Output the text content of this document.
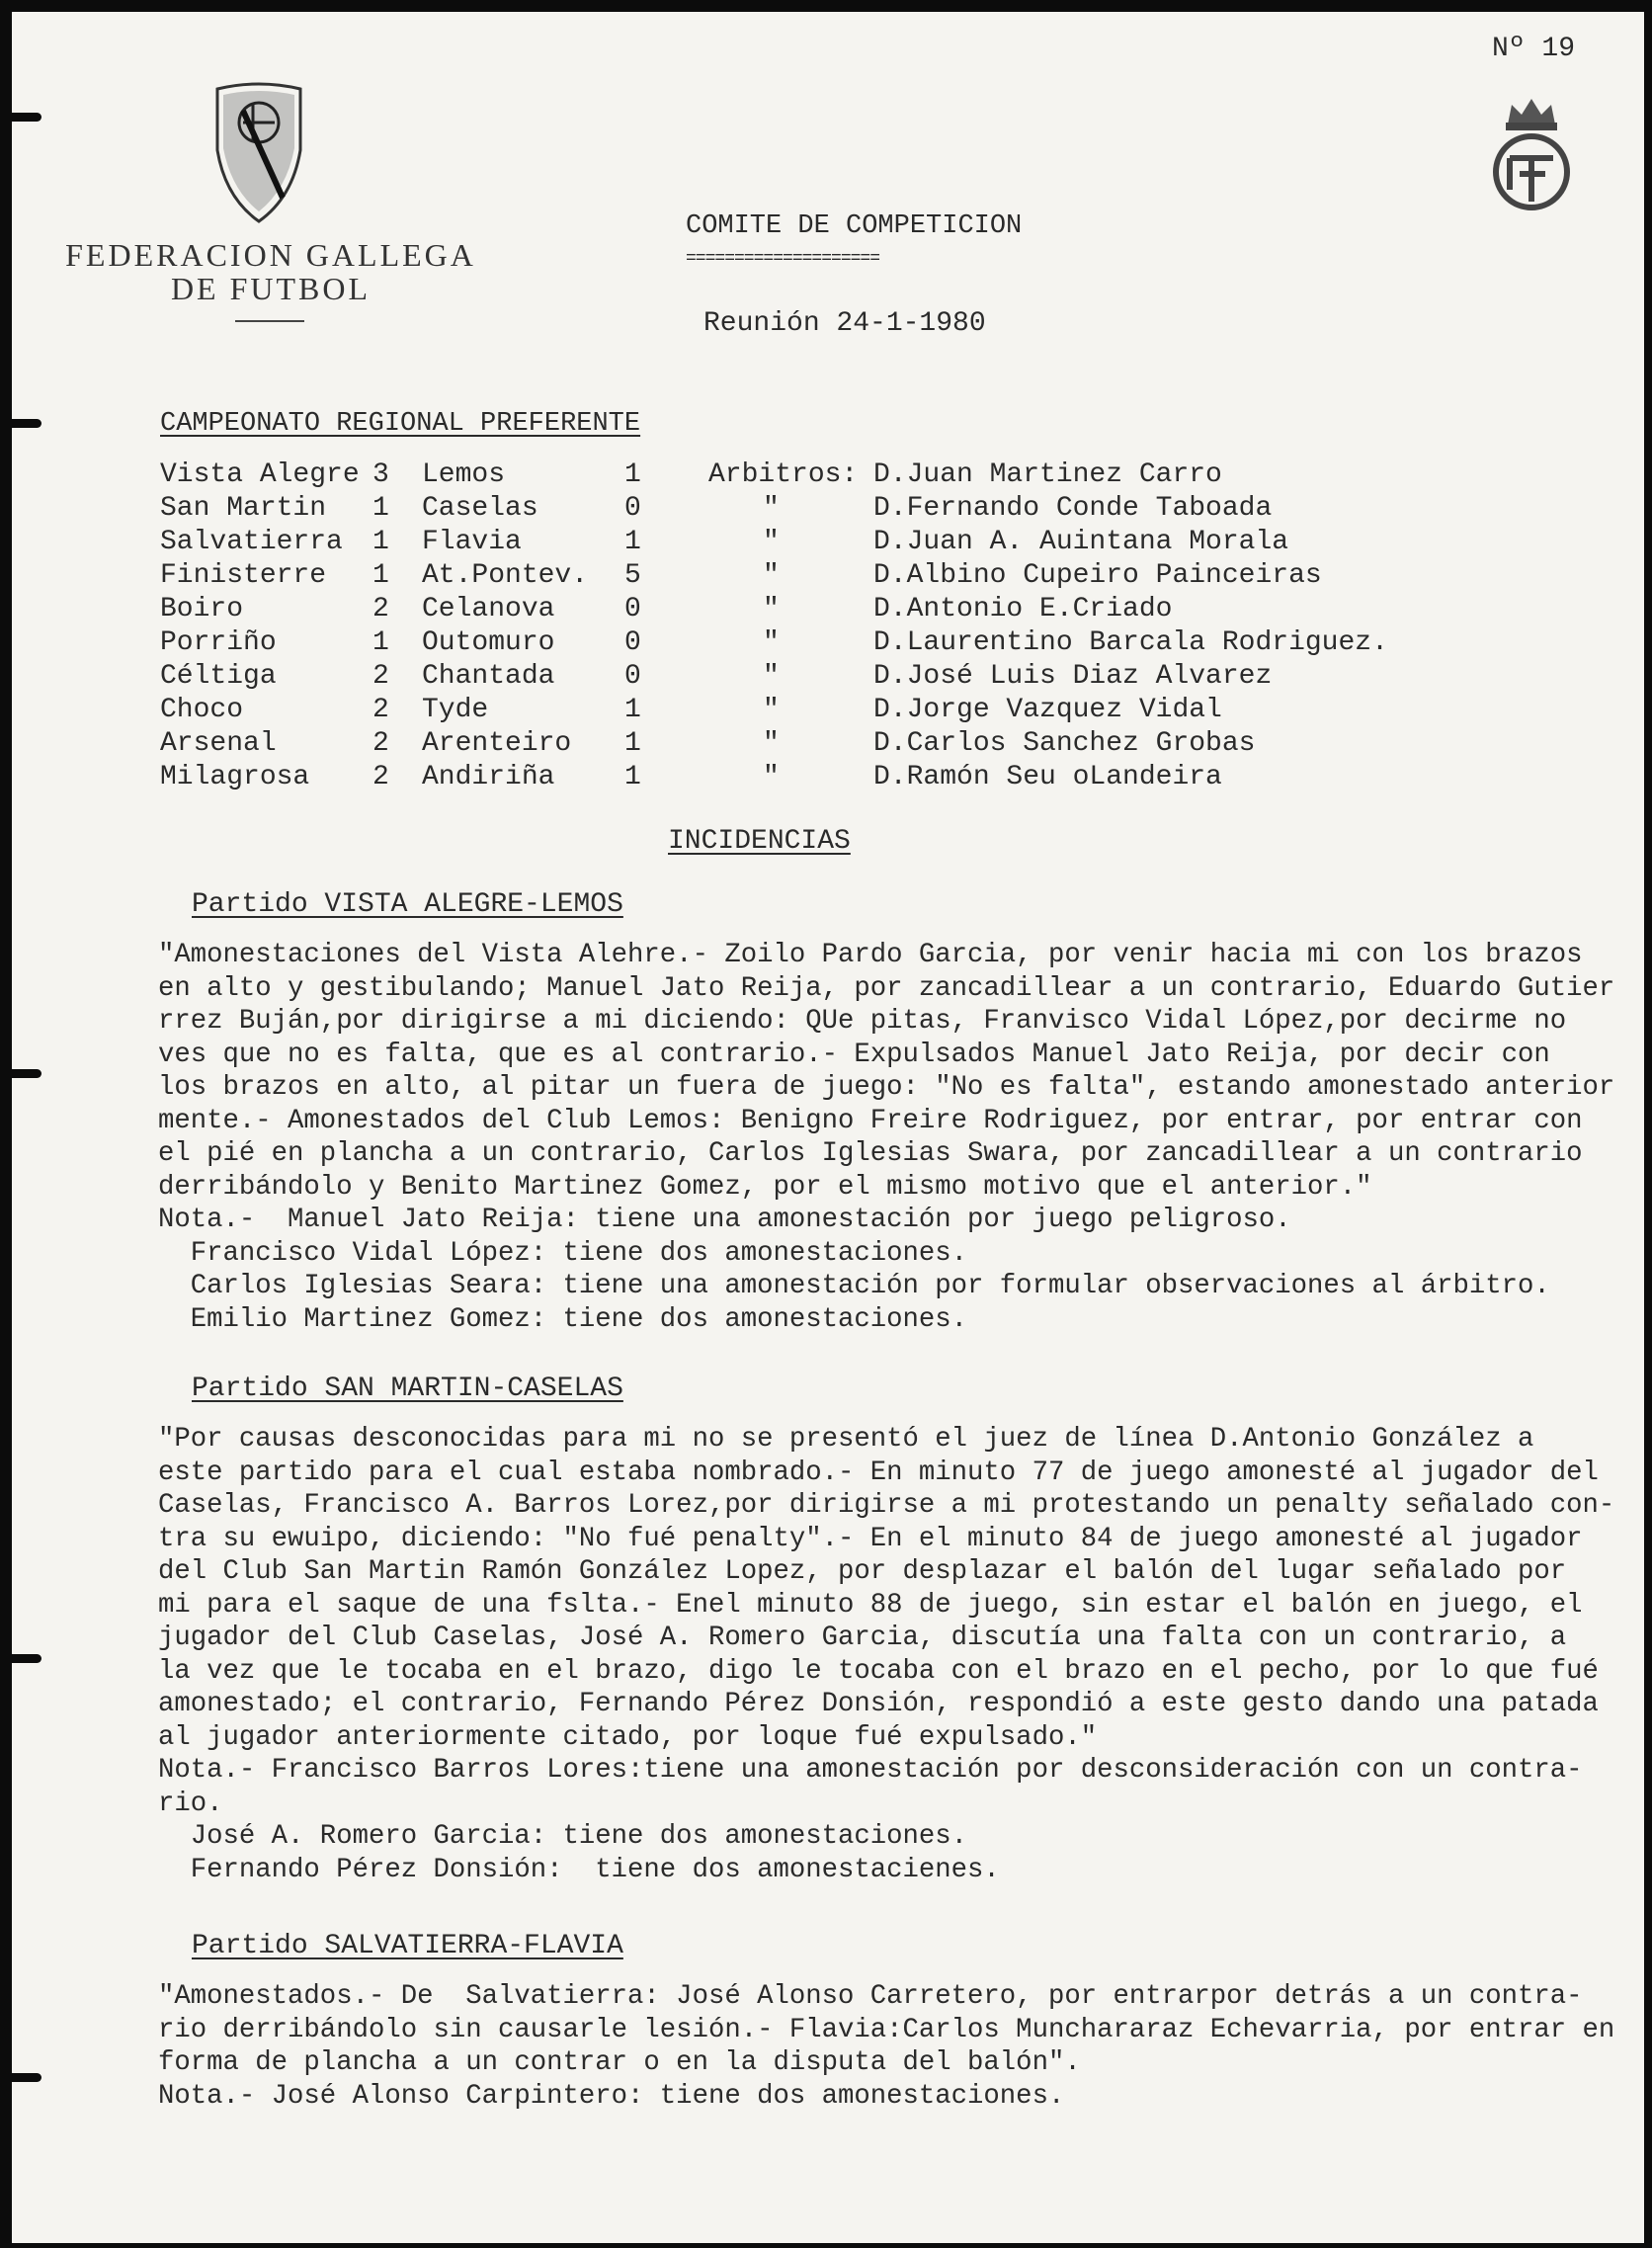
Nº 19
FEDERACION GALLEGA
DE FUTBOL
COMITE DE COMPETICION
====================
Reunión 24-1-1980
CAMPEONATO REGIONAL PREFERENTE
Vista Alegre 3 Lemos	1 Arbitros: D.Juan Martinez Carro
San Martin 1 Caselas	0	"	D.Fernando Conde Taboada
Salvatierra 1 Flavia	1	"	D.Juan A. Auintana Morala
Finisterre 1 At.Pontev. 5	"	D.Albino Cupeiro Painceiras
Boiro	2 Celanova	0	"	D.Antonio E.Criado
Porriño	1 Outomuro	0	"	D.Laurentino Barcala Rodriguez.
Céltiga	2 Chantada	0	"	D.José Luis Diaz Alvarez
Choco	2 Tyde	1	"	D.Jorge Vazquez Vidal
Arsenal	2 Arenteiro 1	"	D.Carlos Sanchez Grobas
Milagrosa 2 Andiriña	1	"	D.Ramón Seu oLandeira
INCIDENCIAS
Partido VISTA ALEGRE-LEMOS
"Amonestaciones del Vista Alehre.- Zoilo Pardo Garcia, por venir hacia mi con los brazos
en alto y gestibulando; Manuel Jato Reija, por zancadillear a un contrario, Eduardo Gutier
rrez Buján,por dirigirse a mi diciendo: QUe pitas, Franvisco Vidal López,por decirme no
ves que no es falta, que es al contrario.- Expulsados Manuel Jato Reija, por decir con
los brazos en alto, al pitar un fuera de juego: "No es falta", estando amonestado anterior
mente.- Amonestados del Club Lemos: Benigno Freire Rodriguez, por entrar, por entrar con
el pié en plancha a un contrario, Carlos Iglesias Swara, por zancadillear a un contrario
derribándolo y Benito Martinez Gomez, por el mismo motivo que el anterior."
Nota.-  Manuel Jato Reija: tiene una amonestación por juego peligroso.
Francisco Vidal López: tiene dos amonestaciones.
Carlos Iglesias Seara: tiene una amonestación por formular observaciones al árbitro.
Emilio Martinez Gomez: tiene dos amonestaciones.
Partido SAN MARTIN-CASELAS
"Por causas desconocidas para mi no se presentó el juez de línea D.Antonio González a
este partido para el cual estaba nombrado.- En minuto 77 de juego amonesté al jugador del
Caselas, Francisco A. Barros Lorez,por dirigirse a mi protestando un penalty señalado con-
tra su ewuipo, diciendo: "No fué penalty".- En el minuto 84 de juego amonesté al jugador
del Club San Martin Ramón González Lopez, por desplazar el balón del lugar señalado por
mi para el saque de una fslta.- Enel minuto 88 de juego, sin estar el balón en juego, el
jugador del Club Caselas, José A. Romero Garcia, discutía una falta con un contrario, a
la vez que le tocaba en el brazo, digo le tocaba con el brazo en el pecho, por lo que fué
amonestado; el contrario, Fernando Pérez Donsión, respondió a este gesto dando una patada
al jugador anteriormente citado, por loque fué expulsado."
Nota.- Francisco Barros Lores:tiene una amonestación por desconsideración con un contra-
rio.
José A. Romero Garcia: tiene dos amonestaciones.
Fernando Pérez Donsión:  tiene dos amonestacienes.
Partido SALVATIERRA-FLAVIA
"Amonestados.- De  Salvatierra: José Alonso Carretero, por entrarpor detrás a un contra-
rio derribándolo sin causarle lesión.- Flavia:Carlos Munchararaz Echevarria, por entrar en
forma de plancha a un contrar o en la disputa del balón".
Nota.- José Alonso Carpintero: tiene dos amonestaciones.
